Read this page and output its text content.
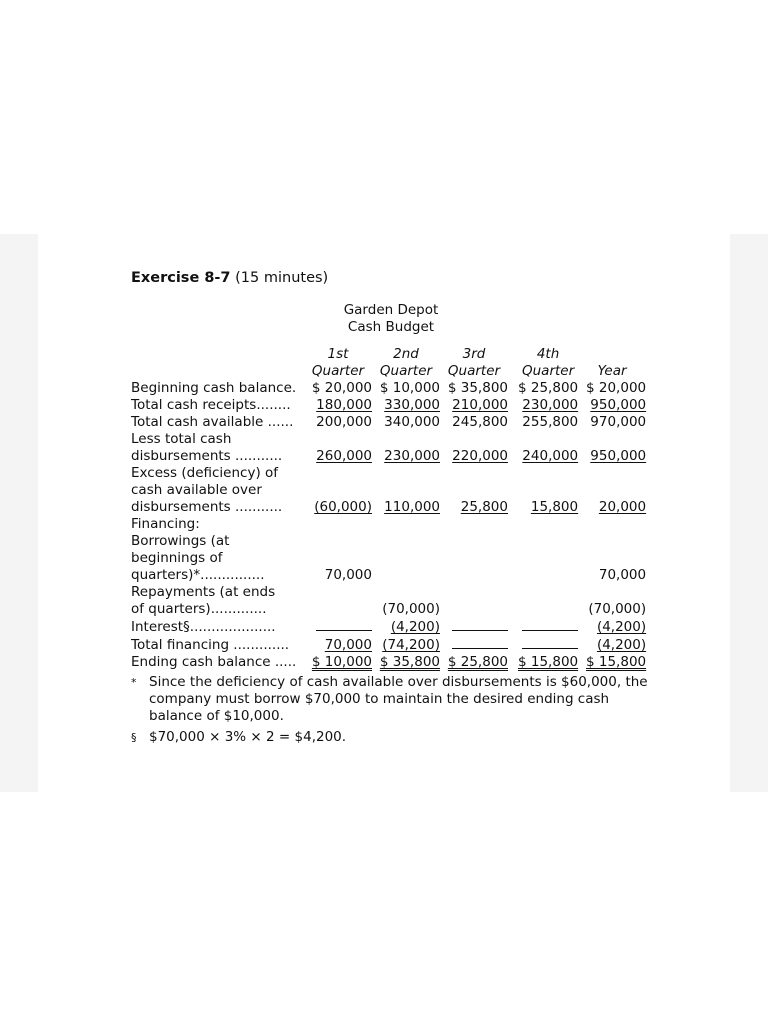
Exercise 8-7 (15 minutes)
Garden Depot
Cash Budget
	1st	2nd	3rd	4th	
	Quarter	Quarter	Quarter	Quarter	Year
Beginning cash balance.	$ 20,000	$ 10,000	$ 35,800	$ 25,800	$ 20,000
Total cash receipts........	180,000	330,000	210,000	230,000	950,000
Total cash available ......	200,000	340,000	245,800	255,800	970,000
Less total cash					
disbursements ...........	260,000	230,000	220,000	240,000	950,000
Excess (deficiency) of					
cash available over					
disbursements ...........	(60,000)	110,000	25,800	15,800	20,000
Financing:					
Borrowings (at					
beginnings of					
quarters)*...............	70,000				70,000
Repayments (at ends					
of quarters).............		(70,000)			(70,000)
Interest§....................		(4,200)			(4,200)
Total financing .............	70,000	(74,200)			(4,200)
Ending cash balance .....	$ 10,000	$ 35,800	$ 25,800	$ 15,800	$ 15,800
* Since the deficiency of cash available over disbursements is $60,000, the company must borrow $70,000 to maintain the desired ending cash balance of $10,000.
§ $70,000 × 3% × 2 = $4,200.
